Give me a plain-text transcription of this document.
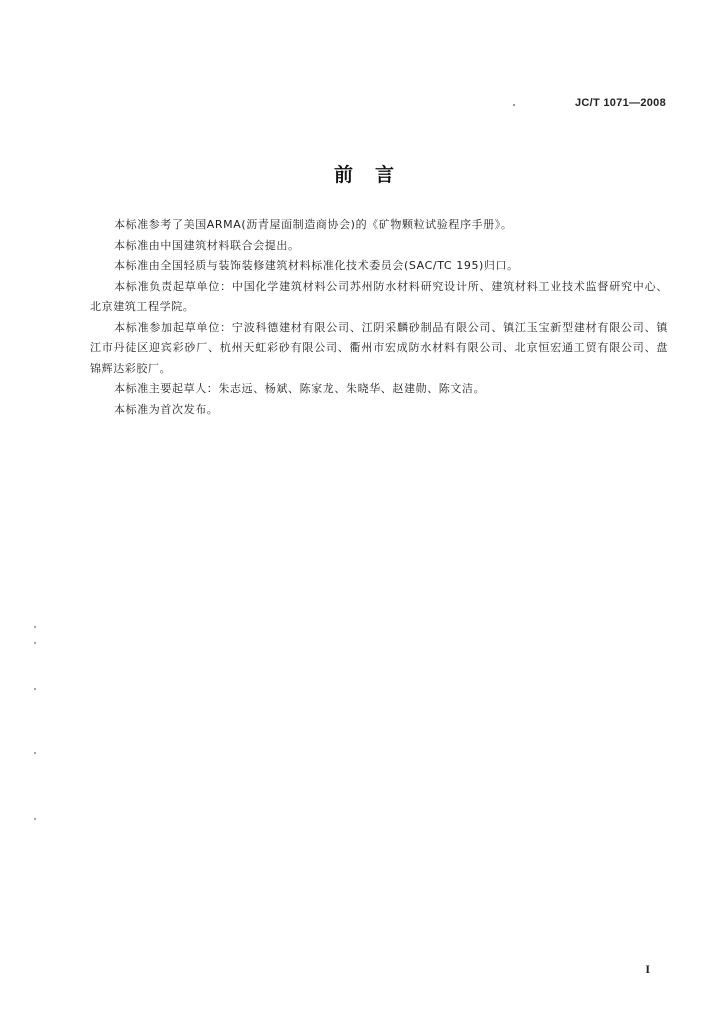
JC/T 1071—2008
前言

本标准参考了美国ARMA(沥青屋面制造商协会)的《矿物颗粒试验程序手册》。

本标准由中国建筑材料联合会提出。

本标准由全国轻质与装饰装修建筑材料标准化技术委员会(SAC/TC 195)归口。

本标准负责起草单位：中国化学建筑材料公司苏州防水材料研究设计所、建筑材料工业技术监督研究中心、北京建筑工程学院。

本标准参加起草单位：宁波科德建材有限公司、江阴采麟砂制品有限公司、镇江玉宝新型建材有限公司、镇江市丹徒区迎宾彩砂厂、杭州天虹彩砂有限公司、衢州市宏成防水材料有限公司、北京恒宏通工贸有限公司、盘锦辉达彩胶厂。

本标准主要起草人：朱志远、杨斌、陈家龙、朱晓华、赵建勋、陈文洁。

本标准为首次发布。

I
